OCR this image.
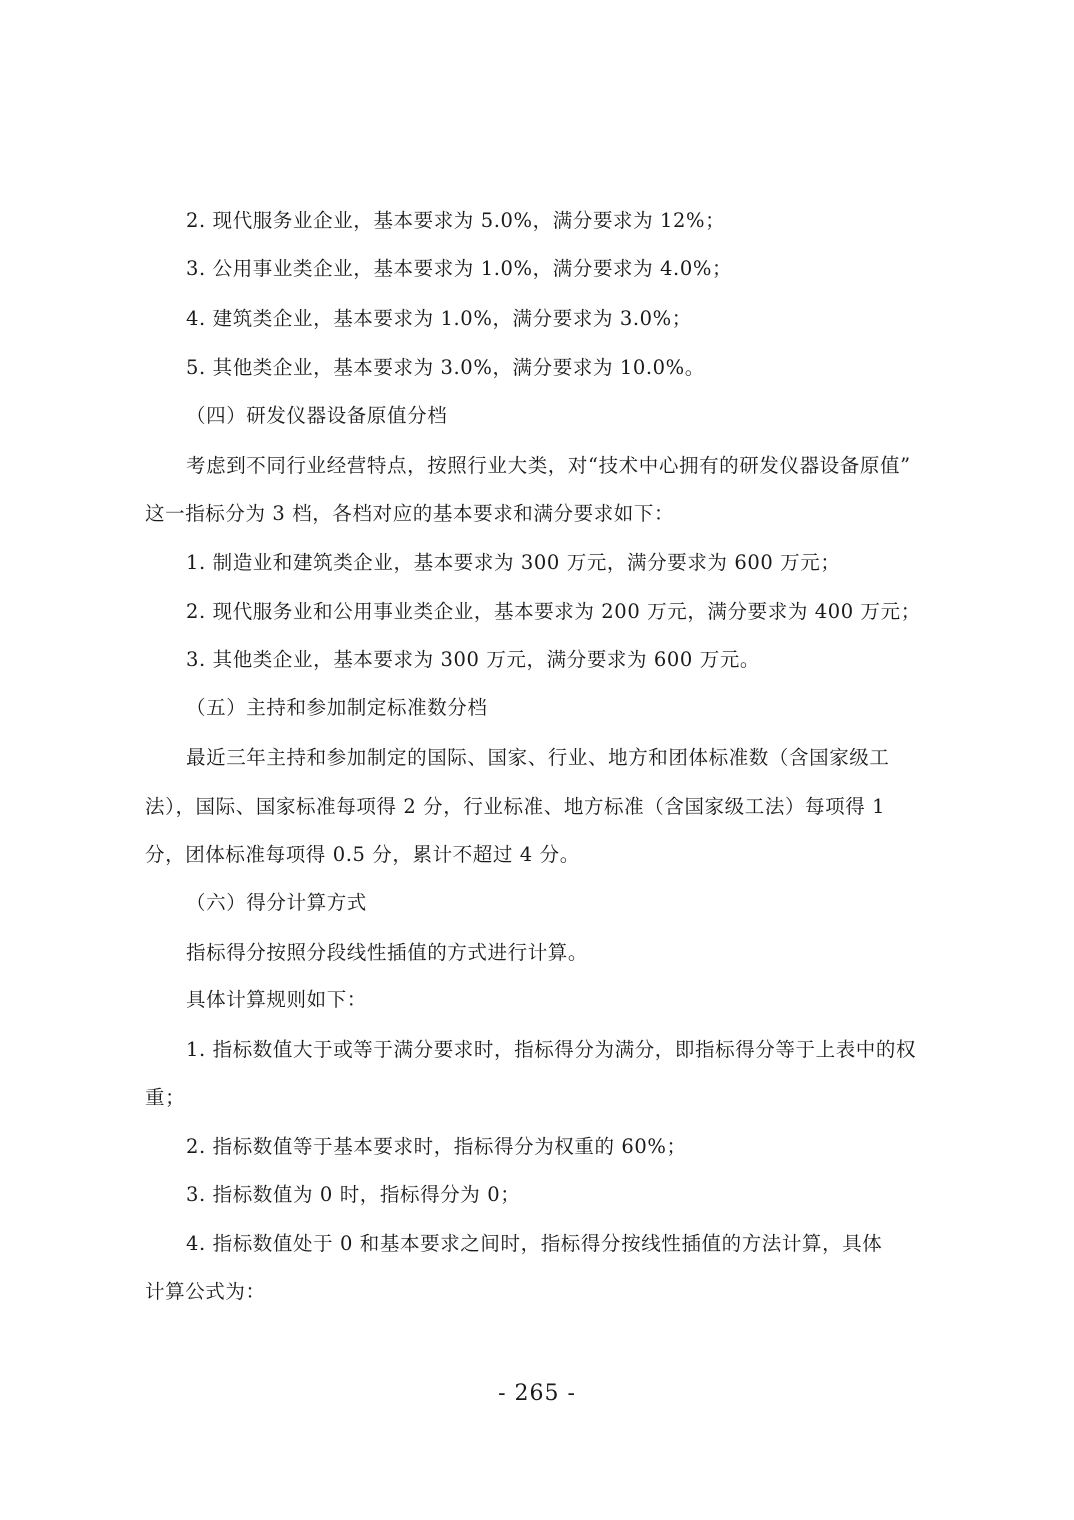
2. 现代服务业企业，基本要求为 5.0%，满分要求为 12%；
3. 公用事业类企业，基本要求为 1.0%，满分要求为 4.0%；
4. 建筑类企业，基本要求为 1.0%，满分要求为 3.0%；
5. 其他类企业，基本要求为 3.0%，满分要求为 10.0%。
（四）研发仪器设备原值分档
考虑到不同行业经营特点，按照行业大类，对“技术中心拥有的研发仪器设备原值”
这一指标分为 3 档，各档对应的基本要求和满分要求如下：
1. 制造业和建筑类企业，基本要求为 300 万元，满分要求为 600 万元；
2. 现代服务业和公用事业类企业，基本要求为 200 万元，满分要求为 400 万元；
3. 其他类企业，基本要求为 300 万元，满分要求为 600 万元。
（五）主持和参加制定标准数分档
最近三年主持和参加制定的国际、国家、行业、地方和团体标准数（含国家级工
法），国际、国家标准每项得 2 分，行业标准、地方标准（含国家级工法）每项得 1
分，团体标准每项得 0.5 分，累计不超过 4 分。
（六）得分计算方式
指标得分按照分段线性插值的方式进行计算。
具体计算规则如下：
1. 指标数值大于或等于满分要求时，指标得分为满分，即指标得分等于上表中的权
重；
2. 指标数值等于基本要求时，指标得分为权重的 60%；
3. 指标数值为 0 时，指标得分为 0；
4. 指标数值处于 0 和基本要求之间时，指标得分按线性插值的方法计算，具体
计算公式为：
- 265 -
